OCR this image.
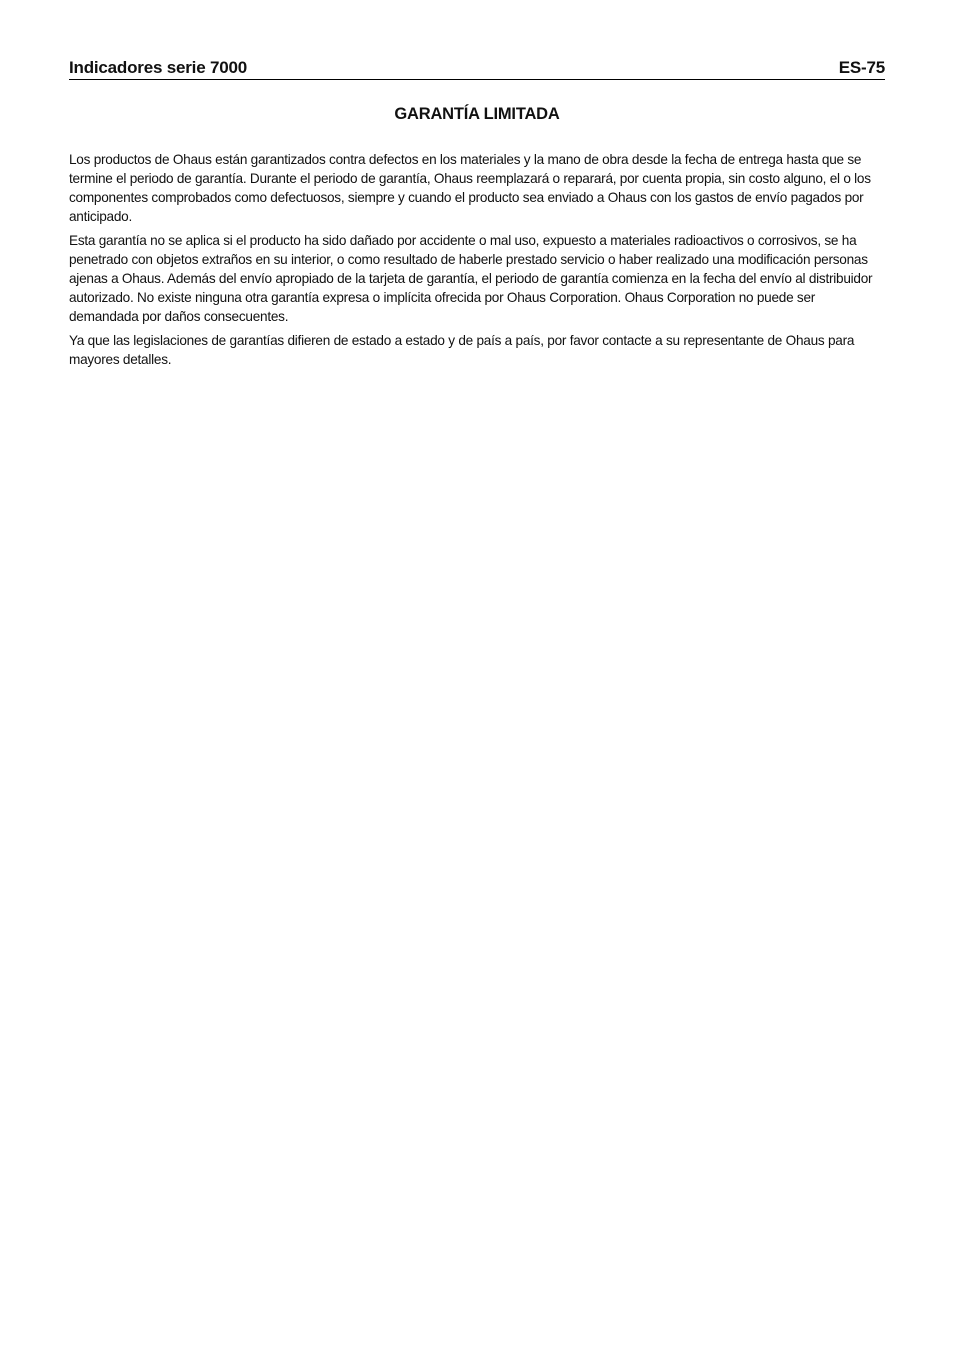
Indicadores serie 7000	ES-75
GARANTÍA LIMITADA

Los productos de Ohaus están garantizados contra defectos en los materiales y la mano de obra desde la fecha de entrega hasta que se termine el periodo de garantía. Durante el periodo de garantía, Ohaus reemplazará o reparará, por cuenta propia, sin costo alguno, el o los componentes comprobados como defectuosos, siempre y cuando el producto sea enviado a Ohaus con los gastos de envío pagados por anticipado.

Esta garantía no se aplica si el producto ha sido dañado por accidente o mal uso, expuesto a materiales radioactivos o corrosivos, se ha penetrado con objetos extraños en su interior, o como resultado de haberle prestado servicio o haber realizado una modificación personas ajenas a Ohaus. Además del envío apropiado de la tarjeta de garantía, el periodo de garantía comienza en la fecha del envío al distribuidor autorizado. No existe ninguna otra garantía expresa o implícita ofrecida por Ohaus Corporation. Ohaus Corporation no puede ser demandada por daños consecuentes.

Ya que las legislaciones de garantías difieren de estado a estado y de país a país, por favor contacte a su representante de Ohaus para mayores detalles.
